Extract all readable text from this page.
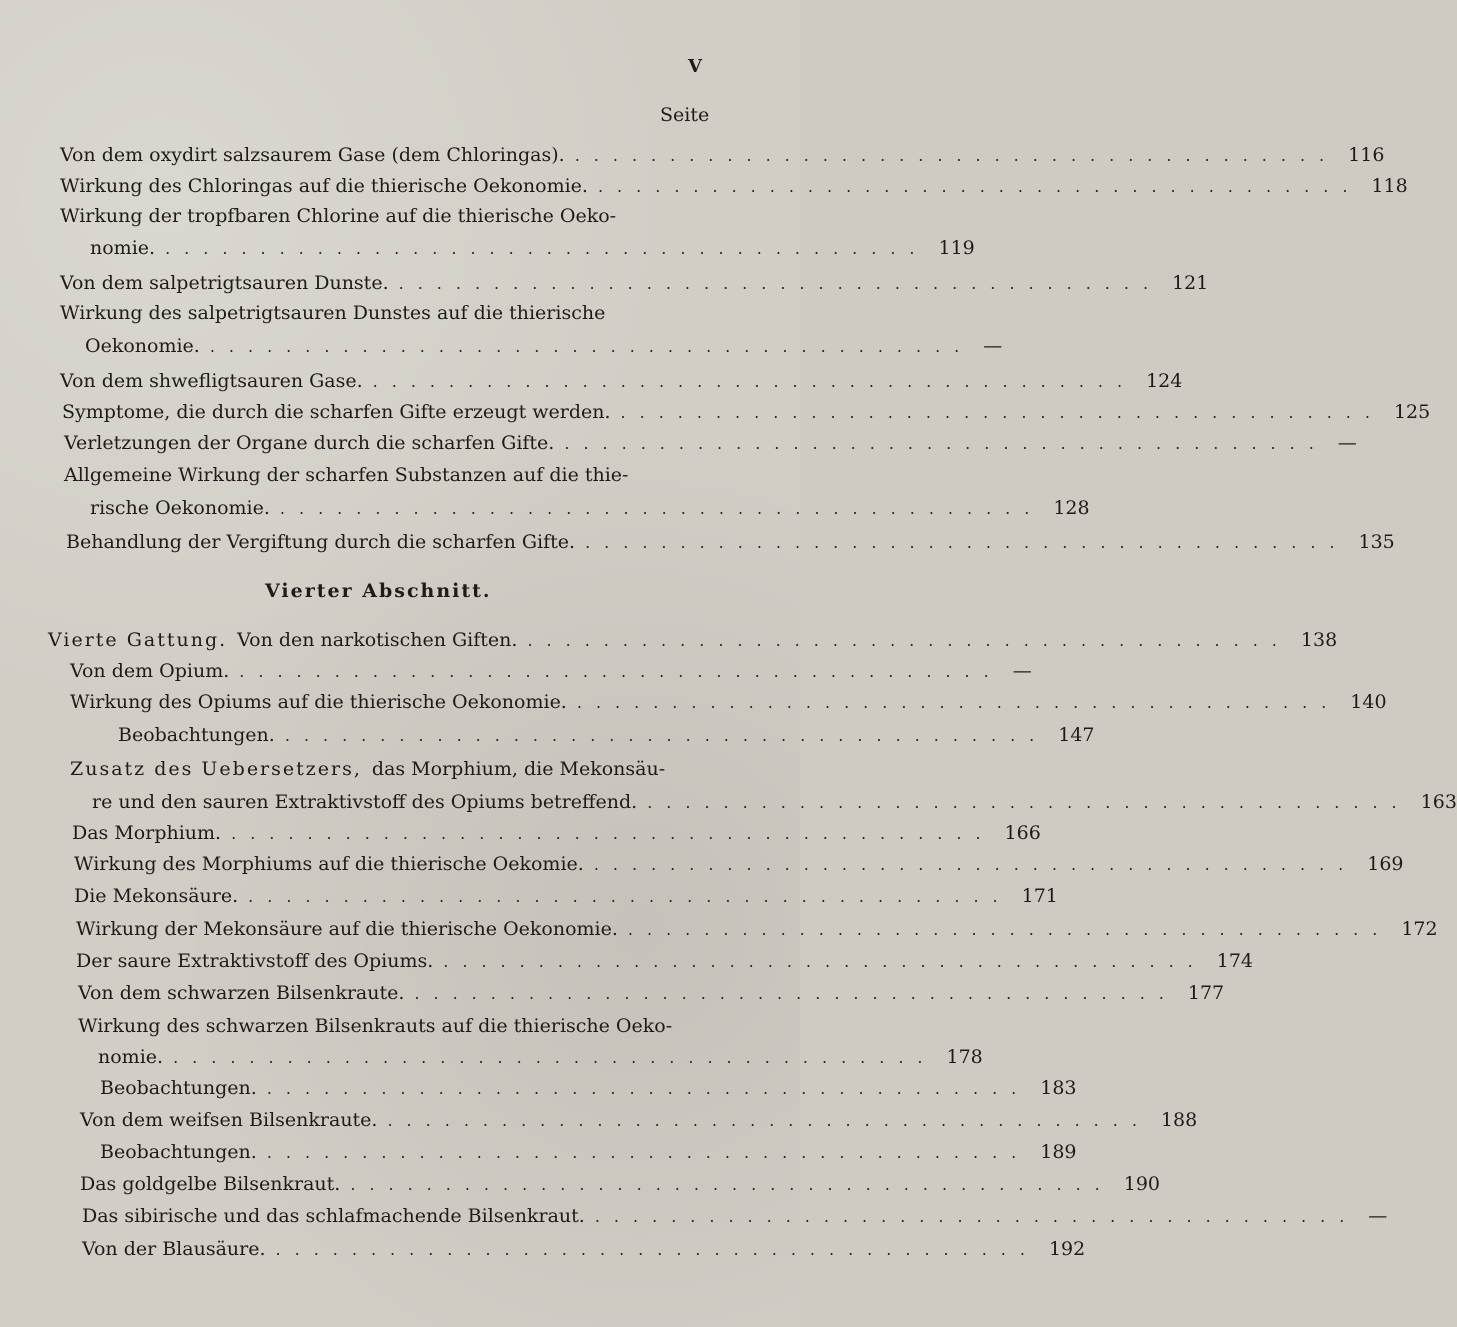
V
Seite
Vierter Abschnitt.
Von dem oxydirt salzsaurem Gase (dem Chloringas). ........................................ 116
Wirkung des Chloringas auf die thierische Oekonomie. ........................................ 118
Wirkung der tropfbaren Chlorine auf die thierische Oeko-
nomie. ........................................ 119
Von dem salpetrigtsauren Dunste. ........................................ 121
Wirkung des salpetrigtsauren Dunstes auf die thierische
Oekonomie. ........................................ —
Von dem shwefligtsauren Gase. ........................................ 124
Symptome, die durch die scharfen Gifte erzeugt werden. ........................................ 125
Verletzungen der Organe durch die scharfen Gifte. ........................................ —
Allgemeine Wirkung der scharfen Substanzen auf die thie-
rische Oekonomie. ........................................ 128
Behandlung der Vergiftung durch die scharfen Gifte. ........................................ 135
Vierte Gattung. Von den narkotischen Giften. ........................................ 138
Von dem Opium. ........................................ —
Wirkung des Opiums auf die thierische Oekonomie. ........................................ 140
Beobachtungen. ........................................ 147
Zusatz des Uebersetzers, das Morphium, die Mekonsäu-
re und den sauren Extraktivstoff des Opiums betreffend. ........................................ 163
Das Morphium. ........................................ 166
Wirkung des Morphiums auf die thierische Oekomie. ........................................ 169
Die Mekonsäure. ........................................ 171
Wirkung der Mekonsäure auf die thierische Oekonomie. ........................................ 172
Der saure Extraktivstoff des Opiums. ........................................ 174
Von dem schwarzen Bilsenkraute. ........................................ 177
Wirkung des schwarzen Bilsenkrauts auf die thierische Oeko-
nomie. ........................................ 178
Beobachtungen. ........................................ 183
Von dem weifsen Bilsenkraute. ........................................ 188
Beobachtungen. ........................................ 189
Das goldgelbe Bilsenkraut. ........................................ 190
Das sibirische und das schlafmachende Bilsenkraut. ........................................ —
Von der Blausäure. ........................................ 192
